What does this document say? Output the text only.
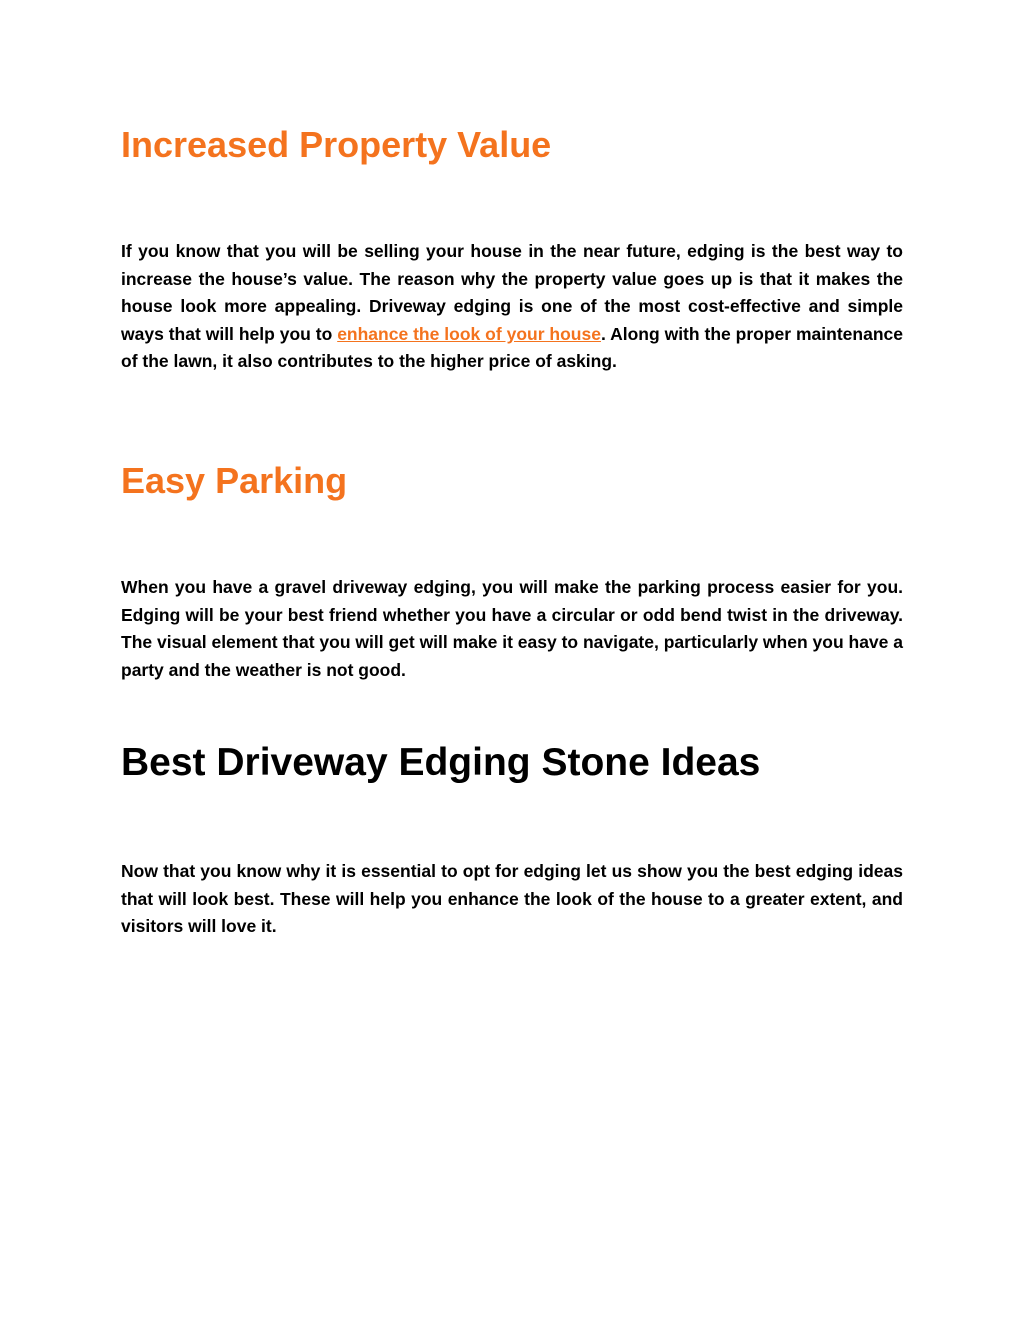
Increased Property Value

If you know that you will be selling your house in the near future, edging is the best way to increase the house’s value. The reason why the property value goes up is that it makes the house look more appealing. Driveway edging is one of the most cost-effective and simple ways that will help you to enhance the look of your house. Along with the proper maintenance of the lawn, it also contributes to the higher price of asking.

Easy Parking

When you have a gravel driveway edging, you will make the parking process easier for you. Edging will be your best friend whether you have a circular or odd bend twist in the driveway. The visual element that you will get will make it easy to navigate, particularly when you have a party and the weather is not good.

Best Driveway Edging Stone Ideas

Now that you know why it is essential to opt for edging let us show you the best edging ideas that will look best. These will help you enhance the look of the house to a greater extent, and visitors will love it.
